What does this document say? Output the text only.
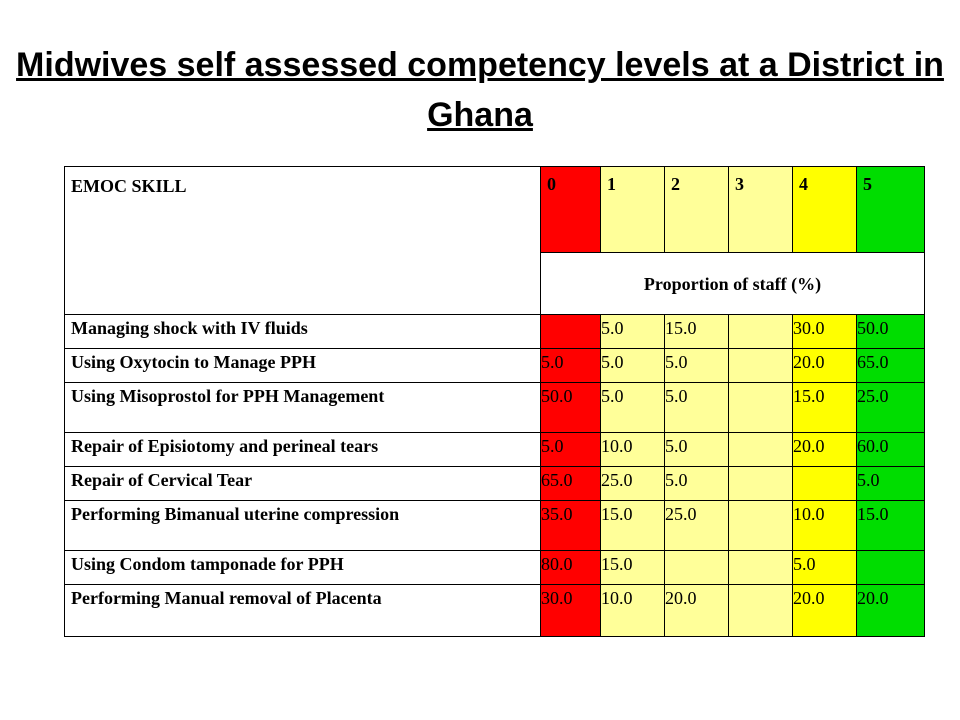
Midwives self assessed competency levels at a District in Ghana
EMOC SKILL	0	1	2	3	4	5
	Proportion of staff (%)					
Managing shock with IV fluids		5.0	15.0		30.0	50.0
Using Oxytocin to Manage PPH	5.0	5.0	5.0		20.0	65.0
Using Misoprostol for PPH Management	50.0	5.0	5.0		15.0	25.0
Repair of Episiotomy and perineal tears	5.0	10.0	5.0		20.0	60.0
Repair of Cervical Tear	65.0	25.0	5.0			5.0
Performing Bimanual uterine compression	35.0	15.0	25.0		10.0	15.0
Using Condom tamponade for PPH	80.0	15.0			5.0	
Performing Manual removal of Placenta	30.0	10.0	20.0		20.0	20.0
